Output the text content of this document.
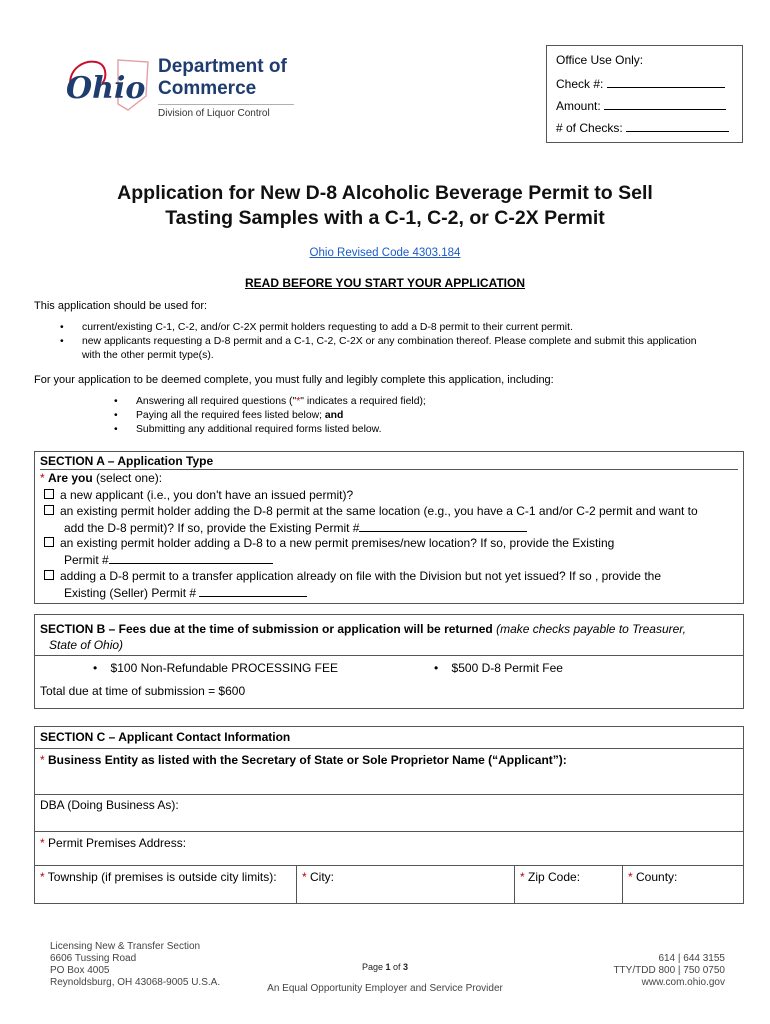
Ohio
Department of
Commerce
Division of Liquor Control
Office Use Only:
Check #:
Amount:
# of Checks:
Application for New D-8 Alcoholic Beverage Permit to Sell
Tasting Samples with a C-1, C-2, or C-2X Permit
Ohio Revised Code 4303.184
READ BEFORE YOU START YOUR APPLICATION
This application should be used for:
• current/existing C-1, C-2, and/or C-2X permit holders requesting to add a D-8 permit to their current permit.
• new applicants requesting a D-8 permit and a C-1, C-2, C-2X or any combination thereof. Please complete and submit this application with the other permit type(s).
For your application to be deemed complete, you must fully and legibly complete this application, including:
• Answering all required questions ("*" indicates a required field);
• Paying all the required fees listed below; and
• Submitting any additional required forms listed below.
SECTION A – Application Type
* Are you (select one):
a new applicant (i.e., you don't have an issued permit)?
an existing permit holder adding the D-8 permit at the same location (e.g., you have a C-1 and/or C-2 permit and want to
add the D-8 permit)? If so, provide the Existing Permit #
an existing permit holder adding a D-8 to a new permit premises/new location? If so, provide the Existing
Permit #
adding a D-8 permit to a transfer application already on file with the Division but not yet issued? If so , provide the
Existing (Seller) Permit #
SECTION B – Fees due at the time of submission or application will be returned (make checks payable to Treasurer,
State of Ohio)
• $100 Non-Refundable PROCESSING FEE	• $500 D-8 Permit Fee
Total due at time of submission = $600
SECTION C – Applicant Contact Information
* Business Entity as listed with the Secretary of State or Sole Proprietor Name (“Applicant”):
DBA (Doing Business As):
* Permit Premises Address:
* Township (if premises is outside city limits): * City:	* Zip Code:	* County:
Licensing New & Transfer Section
6606 Tussing Road
PO Box 4005
Reynoldsburg, OH 43068-9005 U.S.A.
Page 1 of 3
An Equal Opportunity Employer and Service Provider
614 | 644 3155
TTY/TDD 800 | 750 0750
www.com.ohio.gov
